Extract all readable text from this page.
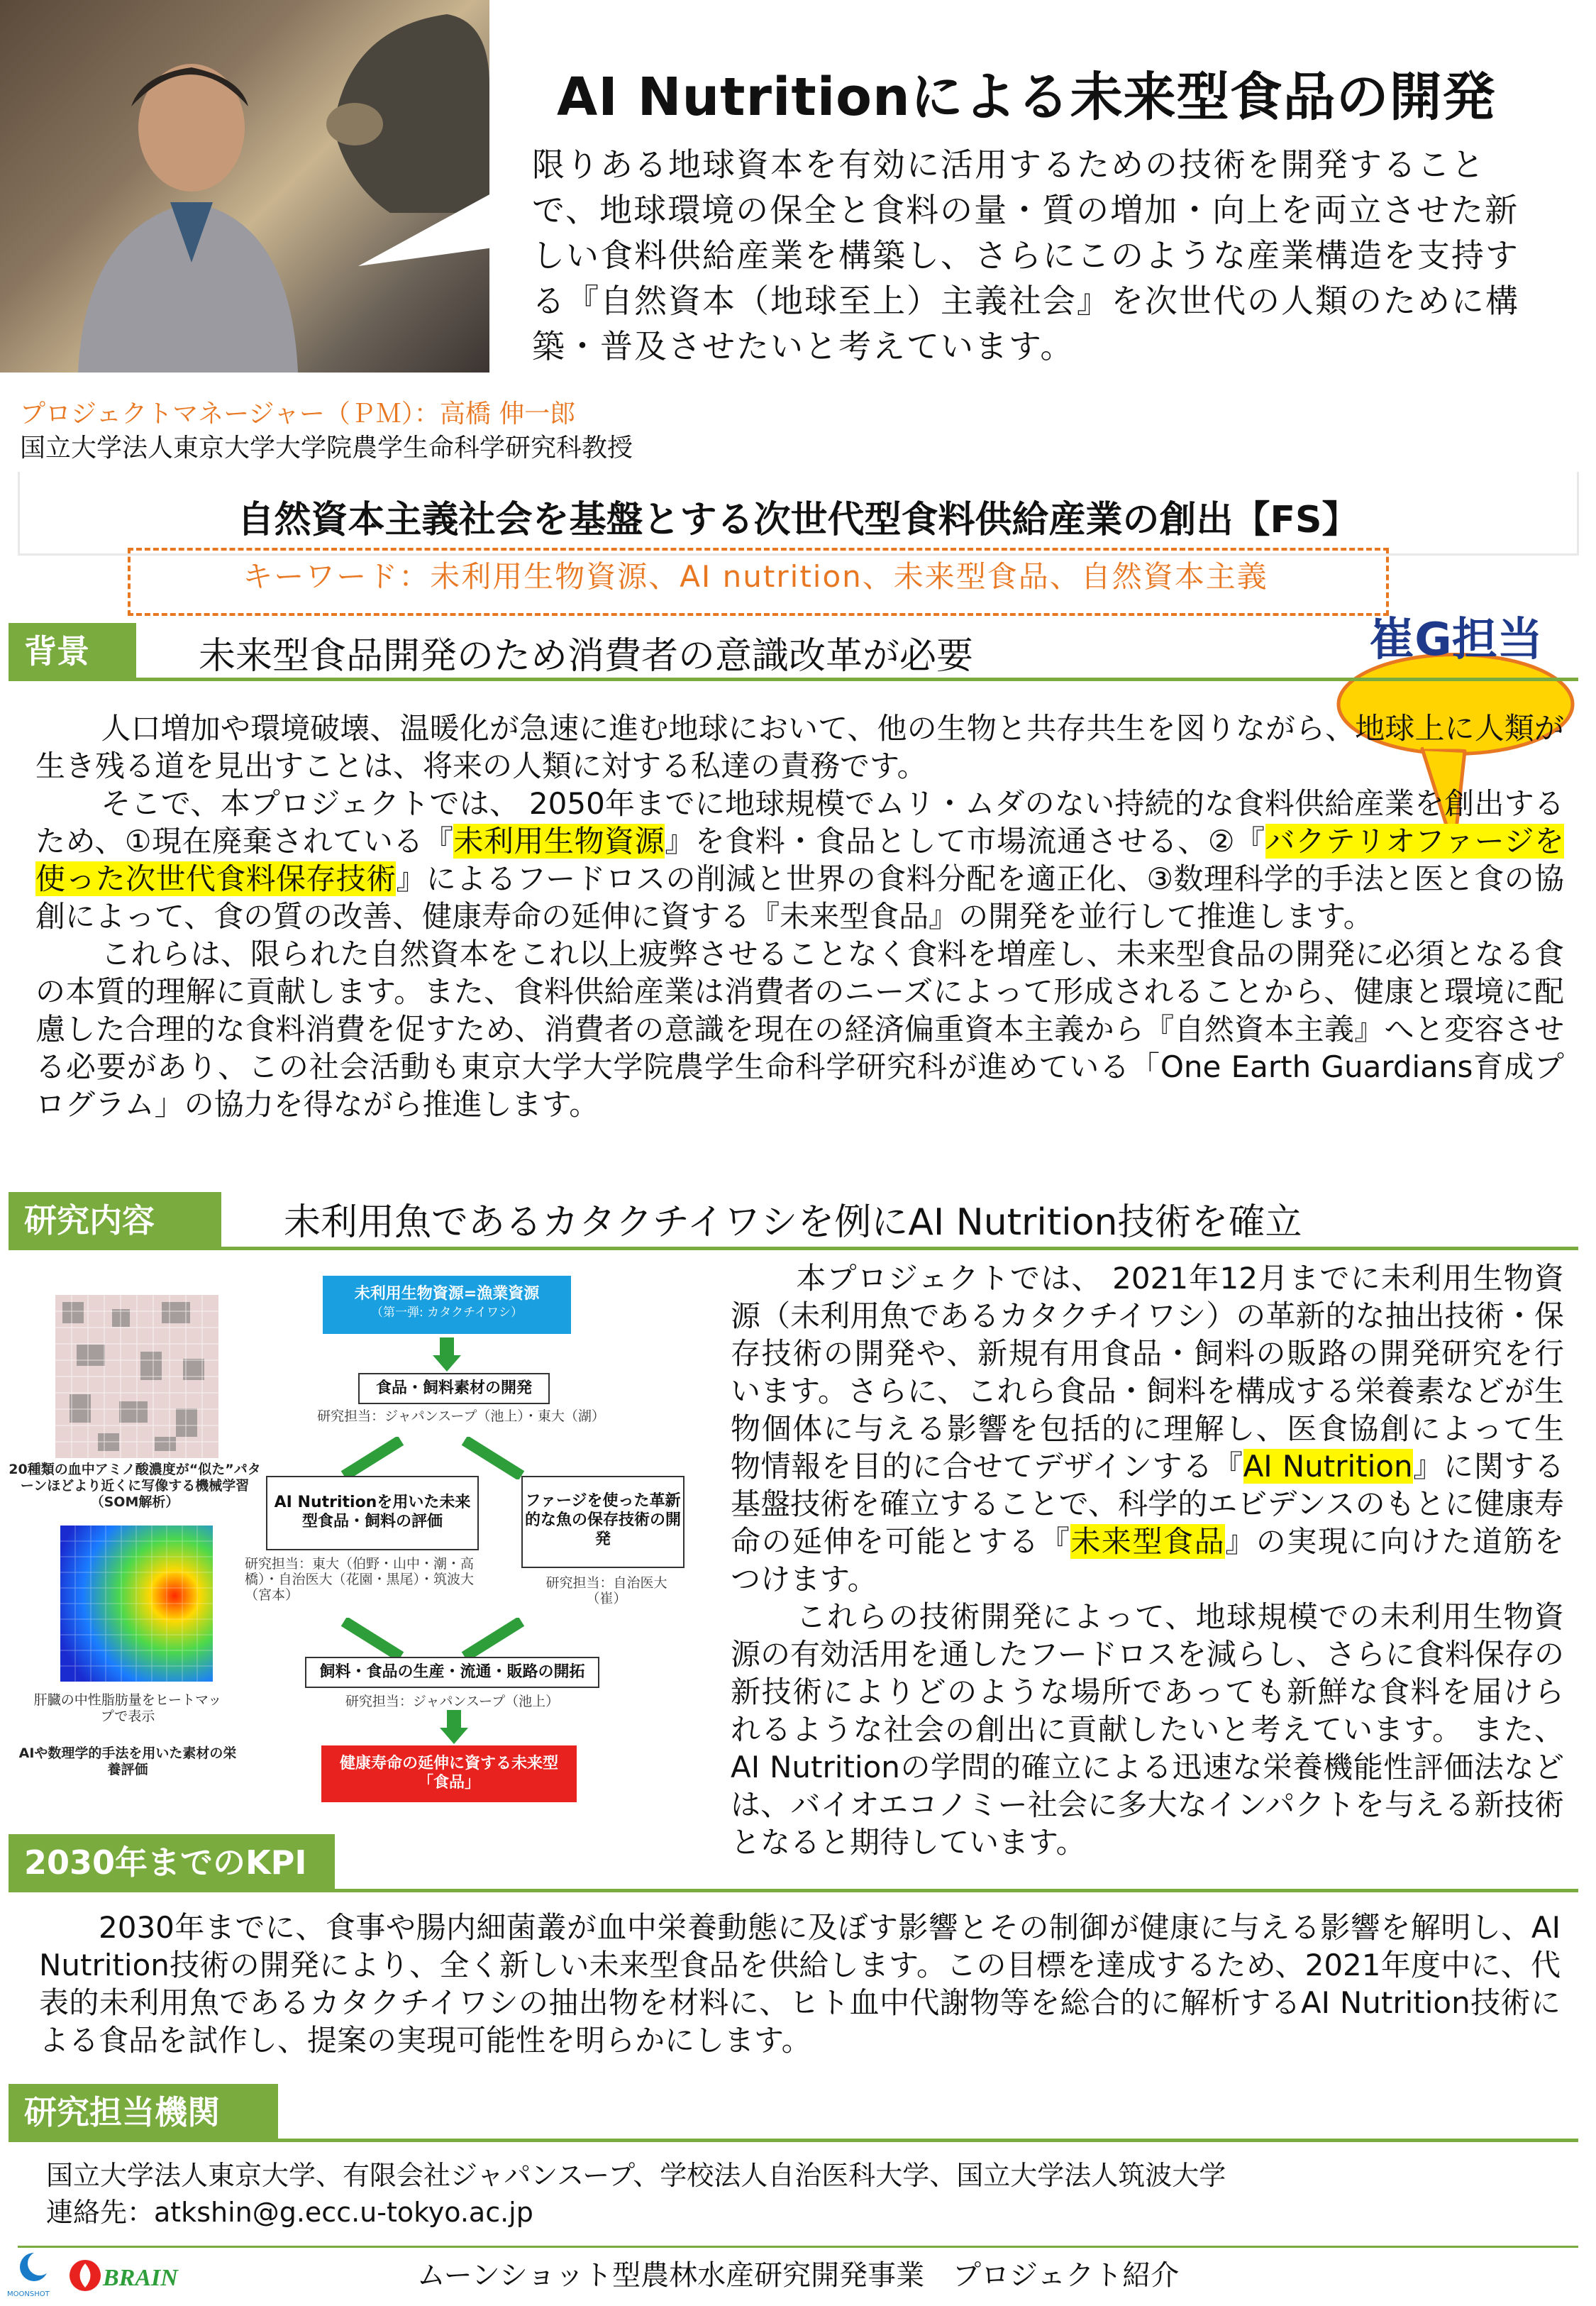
AI Nutritionによる未来型食品の開発
限りある地球資本を有効に活用するための技術を開発することで、地球環境の保全と食料の量・質の増加・向上を両立させた新しい食料供給産業を構築し、さらにこのような産業構造を支持する『自然資本（地球至上）主義社会』を次世代の人類のために構築・普及させたいと考えています。
プロジェクトマネージャー（ＰＭ）：高橋 伸一郎
国立大学法人東京大学大学院農学生命科学研究科教授
自然資本主義社会を基盤とする次世代型食料供給産業の創出【FS】
キーワード：未利用生物資源、AI nutrition、未来型食品、自然資本主義
崔G担当
背景	未来型食品開発のため消費者の意識改革が必要
人口増加や環境破壊、温暖化が急速に進む地球において、他の生物と共存共生を図りながら、地球上に人類が生き残る道を見出すことは、将来の人類に対する私達の責務です。
そこで、本プロジェクトでは、 2050年までに地球規模でムリ・ムダのない持続的な食料供給産業を創出するため、①現在廃棄されている『未利用生物資源』を食料・食品として市場流通させる、②『バクテリオファージを使った次世代食料保存技術』によるフードロスの削減と世界の食料分配を適正化、③数理科学的手法と医と食の協創によって、食の質の改善、健康寿命の延伸に資する『未来型食品』の開発を並行して推進します。
これらは、限られた自然資本をこれ以上疲弊させることなく食料を増産し、未来型食品の開発に必須となる食の本質的理解に貢献します。また、食料供給産業は消費者のニーズによって形成されることから、健康と環境に配慮した合理的な食料消費を促すため、消費者の意識を現在の経済偏重資本主義から『自然資本主義』へと変容させる必要があり、この社会活動も東京大学大学院農学生命科学研究科が進めている「One Earth Guardians育成プログラム」の協力を得ながら推進します。
研究内容	未利用魚であるカタクチイワシを例にAI Nutrition技術を確立
20種類の血中アミノ酸濃度が“似た”パターンほどより近くに写像する機械学習（SOM解析）
肝臓の中性脂肪量をヒートマップで表示
AIや数理学的手法を用いた素材の栄養評価
未利用生物資源=漁業資源
（第一弾: カタクチイワシ）
食品・飼料素材の開発
研究担当：ジャパンスープ（池上）・東大（湖）
AI Nutritionを用いた未来型食品・飼料の評価
研究担当：東大（伯野・山中・潮・高橋）・自治医大（花園・黒尾）・筑波大（宮本）
ファージを使った革新的な魚の保存技術の開発
研究担当：自治医大（崔）
飼料・食品の生産・流通・販路の開拓
研究担当：ジャパンスープ（池上）
健康寿命の延伸に資する未来型「食品」
本プロジェクトでは、 2021年12月までに未利用生物資源（未利用魚であるカタクチイワシ）の革新的な抽出技術・保存技術の開発や、新規有用食品・飼料の販路の開発研究を行います。さらに、これら食品・飼料を構成する栄養素などが生物個体に与える影響を包括的に理解し、医食協創によって生物情報を目的に合せてデザインする『AI Nutrition』に関する基盤技術を確立することで、科学的エビデンスのもとに健康寿命の延伸を可能とする『未来型食品』の実現に向けた道筋をつけます。
これらの技術開発によって、地球規模での未利用生物資源の有効活用を通したフードロスを減らし、さらに食料保存の新技術によりどのような場所であっても新鮮な食料を届けられるような社会の創出に貢献したいと考えています。 また、AI Nutritionの学問的確立による迅速な栄養機能性評価法などは、バイオエコノミー社会に多大なインパクトを与える新技術となると期待しています。
2030年までのKPI
2030年までに、食事や腸内細菌叢が血中栄養動態に及ぼす影響とその制御が健康に与える影響を解明し、AI Nutrition技術の開発により、全く新しい未来型食品を供給します。この目標を達成するため、2021年度中に、代表的未利用魚であるカタクチイワシの抽出物を材料に、ヒト血中代謝物等を総合的に解析するAI Nutrition技術による食品を試作し、提案の実現可能性を明らかにします。
研究担当機関
国立大学法人東京大学、有限会社ジャパンスープ、学校法人自治医科大学、国立大学法人筑波大学
連絡先：atkshin@g.ecc.u-tokyo.ac.jp
MOONSHOT
BRAIN	ムーンショット型農林水産研究開発事業　プロジェクト紹介
